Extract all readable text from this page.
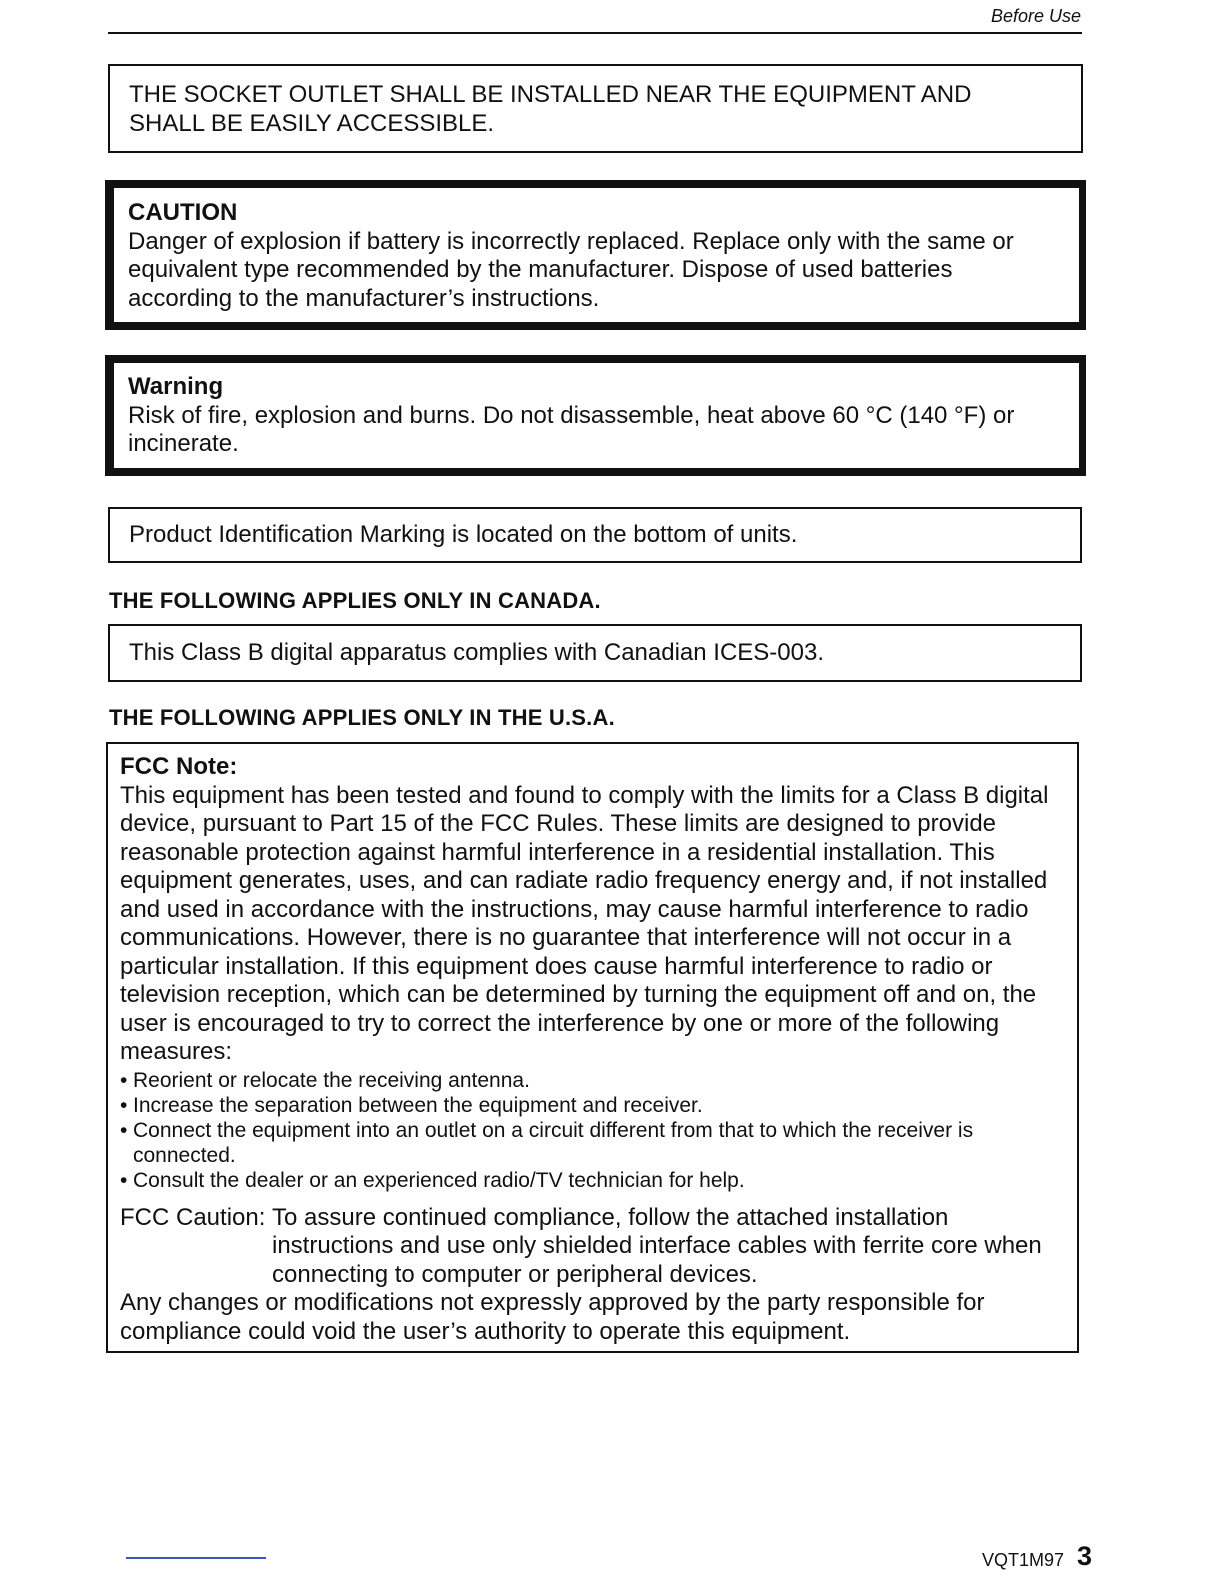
Before Use

THE SOCKET OUTLET SHALL BE INSTALLED NEAR THE EQUIPMENT AND

SHALL BE EASILY ACCESSIBLE.

CAUTION

Danger of explosion if battery is incorrectly replaced. Replace only with the same or

equivalent type recommended by the manufacturer. Dispose of used batteries

according to the manufacturer’s instructions.

Warning

Risk of fire, explosion and burns. Do not disassemble, heat above 60 °C (140 °F) or

incinerate.

Product Identification Marking is located on the bottom of units.

THE FOLLOWING APPLIES ONLY IN CANADA.

This Class B digital apparatus complies with Canadian ICES-003.

THE FOLLOWING APPLIES ONLY IN THE U.S.A.

FCC Note:

This equipment has been tested and found to comply with the limits for a Class B digital

device, pursuant to Part 15 of the FCC Rules. These limits are designed to provide

reasonable protection against harmful interference in a residential installation. This

equipment generates, uses, and can radiate radio frequency energy and, if not installed

and used in accordance with the instructions, may cause harmful interference to radio

communications. However, there is no guarantee that interference will not occur in a

particular installation. If this equipment does cause harmful interference to radio or

television reception, which can be determined by turning the equipment off and on, the

user is encouraged to try to correct the interference by one or more of the following

measures:

• Reorient or relocate the receiving antenna.
• Increase the separation between the equipment and receiver.
• Connect the equipment into an outlet on a circuit different from that to which the receiver is connected.
• Consult the dealer or an experienced radio/TV technician for help.
FCC Caution: To assure continued compliance, follow the attached installation

instructions and use only shielded interface cables with ferrite core when

connecting to computer or peripheral devices.

Any changes or modifications not expressly approved by the party responsible for

compliance could void the user’s authority to operate this equipment.

VQT1M97 3
